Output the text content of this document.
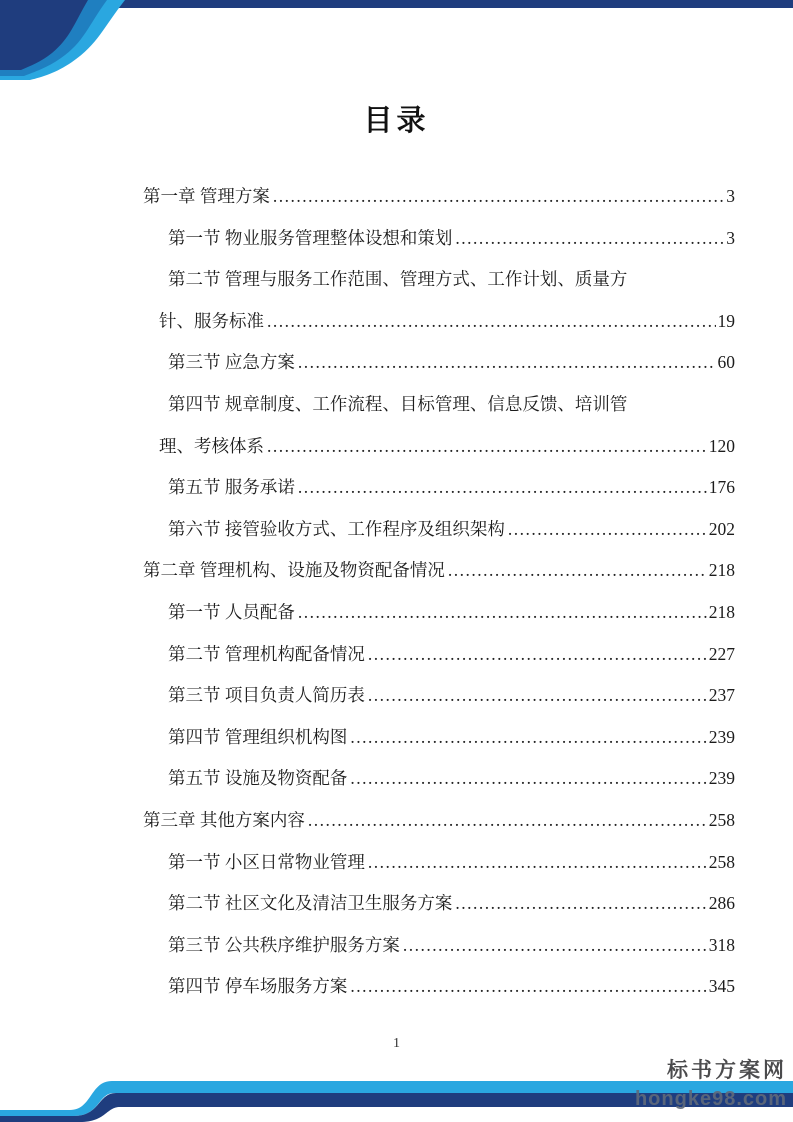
目录
第一章 管理方案 .....	3
第一节 物业服务管理整体设想和策划 .....	3
第二节 管理与服务工作范围、管理方式、工作计划、质量方
针、服务标准 .....	19
第三节 应急方案 .....	60
第四节 规章制度、工作流程、目标管理、信息反馈、培训管
理、考核体系 .....	120
第五节 服务承诺 .....	176
第六节 接管验收方式、工作程序及组织架构 .....	202
第二章 管理机构、设施及物资配备情况 .....	218
第一节 人员配备 .....	218
第二节 管理机构配备情况 .....	227
第三节 项目负责人简历表 .....	237
第四节 管理组织机构图 .....	239
第五节 设施及物资配备 .....	239
第三章 其他方案内容 .....	258
第一节 小区日常物业管理 .....	258
第二节 社区文化及清洁卫生服务方案 .....	286
第三节 公共秩序维护服务方案 .....	318
第四节 停车场服务方案 .....	345
1
标书方案网
hongke98.com
